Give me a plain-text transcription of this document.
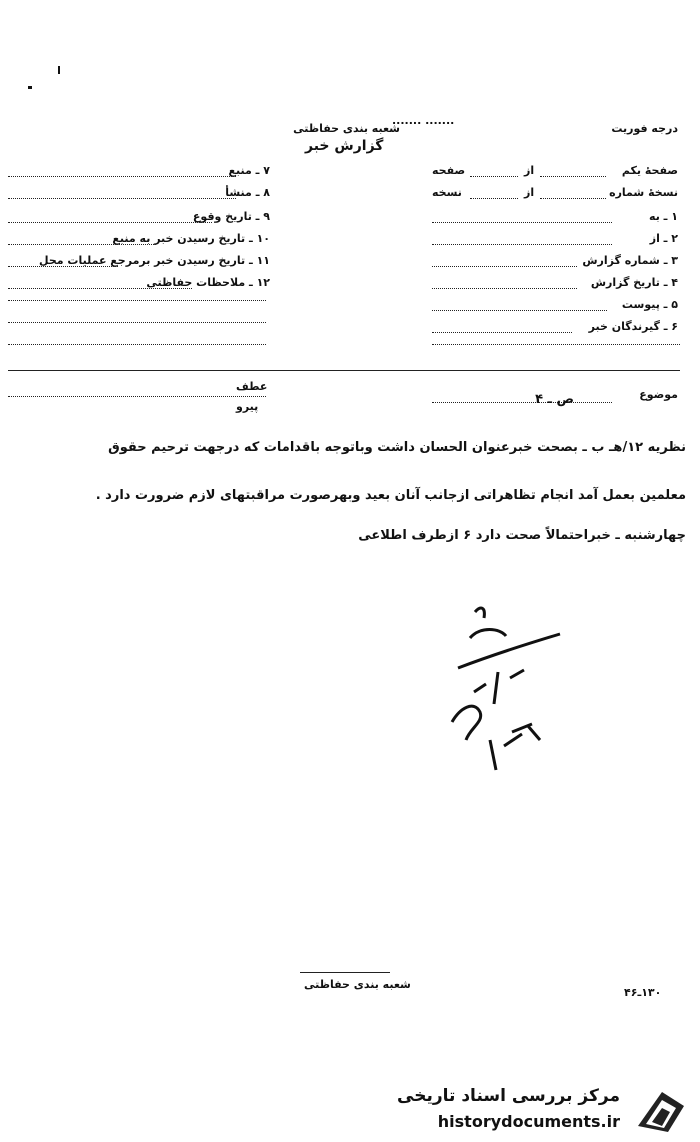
درجه فوریت
شعبه بندی حفاظتی
....... .......
گزارش خبر
صفحهٔ یکم
از
صفحه
نسخهٔ شماره
از
نسخه
۱ ـ به
۲ ـ از
۳ ـ شماره گزارش
۴ ـ تاریخ گزارش
۵ ـ پیوست
۶ ـ گیرندگان خبر
۷ ـ منبع
۸ ـ منشأ
۹ ـ تاریخ وقوع
۱۰ ـ تاریخ رسیدن خبر به منبع
۱۱ ـ تاریخ رسیدن خبر برمرجع عملیات محل
۱۲ ـ ملاحظات حفاظتی
موضوع
ص ـ ۴
عطف
پیرو
نظریه ۱۲/هـ ب ـ بصحت خبرعنوان الحسان داشت وباتوجه باقدامات که درجهت ترحیم حقوق
معلمین بعمل آمد انجام تظاهراتی ازجانب آنان بعید وبهرصورت مراقبتهای لازم ضرورت دارد .
چهارشنبه ـ خبراحتمالاً صحت دارد ۶ ازطرف اطلاعی
شعبه بندی حفاظتی
۱۳۰ـ۴۶
مرکز بررسی اسناد تاریخی
historydocuments.ir
